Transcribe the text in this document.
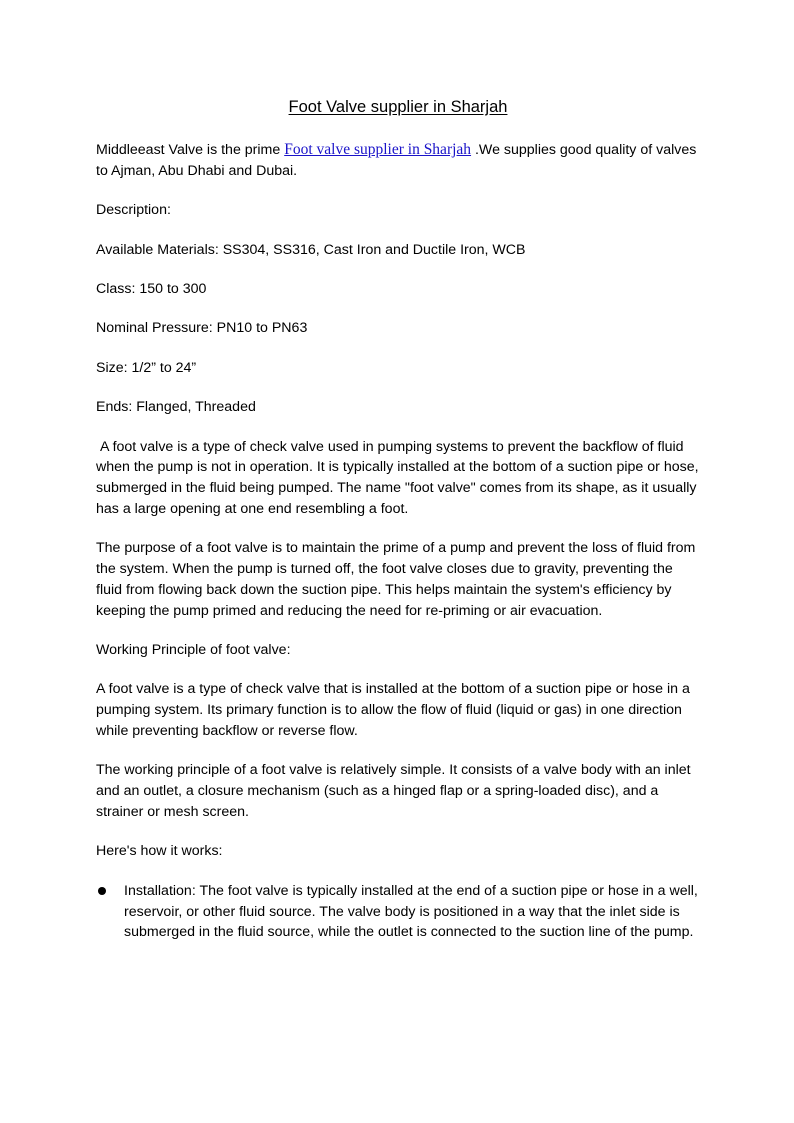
Foot Valve supplier in Sharjah

Middleeast Valve is the prime Foot valve supplier in Sharjah .We supplies good quality of valves to Ajman, Abu Dhabi and Dubai.

Description:

Available Materials: SS304, SS316, Cast Iron and Ductile Iron, WCB

Class: 150 to 300

Nominal Pressure: PN10 to PN63

Size: 1/2” to 24”

Ends: Flanged, Threaded

A foot valve is a type of check valve used in pumping systems to prevent the backflow of fluid when the pump is not in operation. It is typically installed at the bottom of a suction pipe or hose, submerged in the fluid being pumped. The name "foot valve" comes from its shape, as it usually has a large opening at one end resembling a foot.

The purpose of a foot valve is to maintain the prime of a pump and prevent the loss of fluid from the system. When the pump is turned off, the foot valve closes due to gravity, preventing the fluid from flowing back down the suction pipe. This helps maintain the system's efficiency by keeping the pump primed and reducing the need for re-priming or air evacuation.

Working Principle of foot valve:

A foot valve is a type of check valve that is installed at the bottom of a suction pipe or hose in a pumping system. Its primary function is to allow the flow of fluid (liquid or gas) in one direction while preventing backflow or reverse flow.

The working principle of a foot valve is relatively simple. It consists of a valve body with an inlet and an outlet, a closure mechanism (such as a hinged flap or a spring-loaded disc), and a strainer or mesh screen.

Here's how it works:

Installation: The foot valve is typically installed at the end of a suction pipe or hose in a well, reservoir, or other fluid source. The valve body is positioned in a way that the inlet side is submerged in the fluid source, while the outlet is connected to the suction line of the pump.
